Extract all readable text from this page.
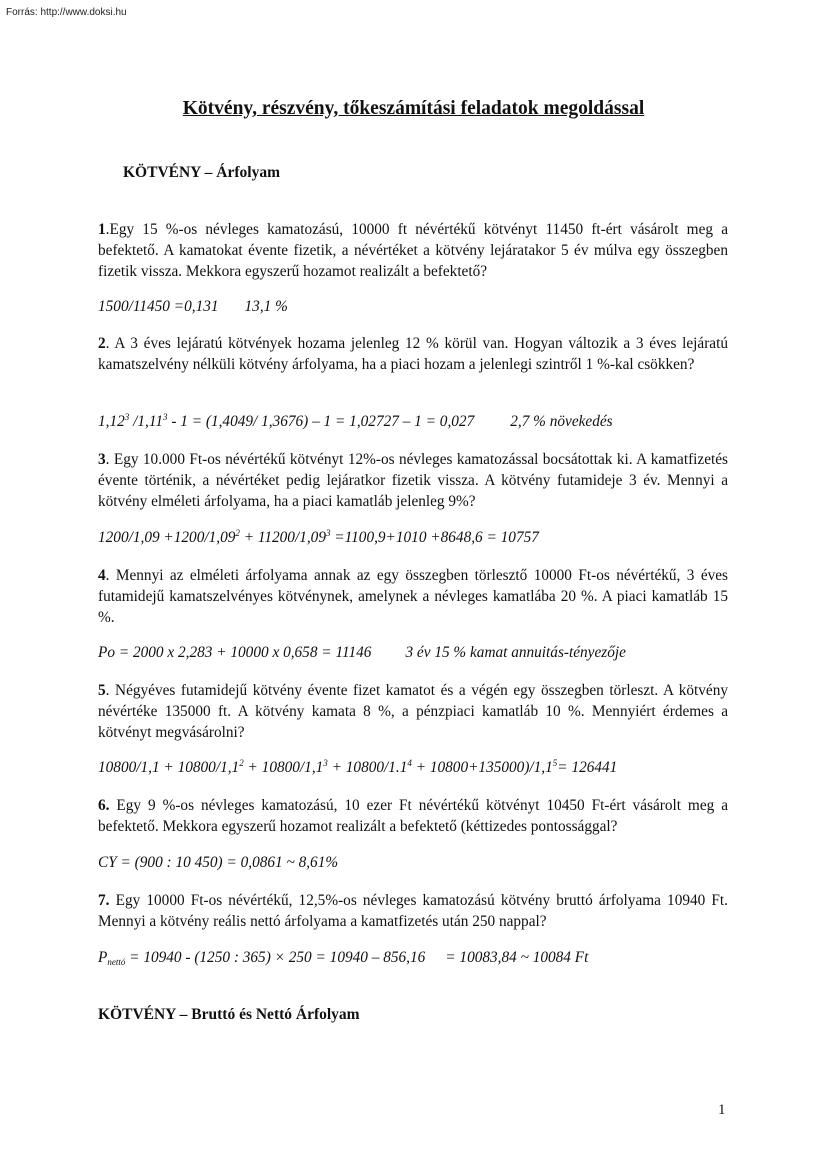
Forrás: http://www.doksi.hu
Kötvény, részvény, tőkeszámítási feladatok megoldással
KÖTVÉNY – Árfolyam
1.Egy 15 %-os névleges kamatozású, 10000 ft névértékű kötvényt 11450 ft-ért vásárolt meg a befektető. A kamatokat évente fizetik, a névértéket a kötvény lejáratakor 5 év múlva egy összegben fizetik vissza. Mekkora egyszerű hozamot realizált a befektető?
1500/11450 =0,131 13,1 %
2. A 3 éves lejáratú kötvények hozama jelenleg 12 % körül van. Hogyan változik a 3 éves lejáratú kamatszelvény nélküli kötvény árfolyama, ha a piaci hozam a jelenlegi szintről 1 %-kal csökken?
1,12$^3$ /1,11$^3$ - 1 = (1,4049/ 1,3676) – 1 = 1,02727 – 1 = 0,027 2,7 % növekedés
3. Egy 10.000 Ft-os névértékű kötvényt 12%-os névleges kamatozással bocsátottak ki. A kamatfizetés évente történik, a névértéket pedig lejáratkor fizetik vissza. A kötvény futamideje 3 év. Mennyi a kötvény elméleti árfolyama, ha a piaci kamatláb jelenleg 9%?
$1200/1,09 +1200/1,09^2 + 11200/1,09^3 =1100,9+1010 +8648,6 = 10757$
4. Mennyi az elméleti árfolyama annak az egy összegben törlesztő 10000 Ft-os névértékű, 3 éves futamidejű kamatszelvényes kötvénynek, amelynek a névleges kamatlába 20 %. A piaci kamatláb 15 %.
Po = 2000 x 2,283 + 10000 x 0,658 = 11146 3 év 15 % kamat annuitás-tényezője
5. Négyéves futamidejű kötvény évente fizet kamatot és a végén egy összegben törleszt. A kötvény névértéke 135000 ft. A kötvény kamata 8 %, a pénzpiaci kamatláb 10 %. Mennyiért érdemes a kötvényt megvásárolni?
$10800/1,1 + 10800/1,1^2 + 10800/1,1^3 + 10800/1.1^4 + 10800+135000)/1,1^5= 126441$
6. Egy 9 %-os névleges kamatozású, 10 ezer Ft névértékű kötvényt 10450 Ft-ért vásárolt meg a befektető. Mekkora egyszerű hozamot realizált a befektető (kéttizedes pontossággal?
CY = (900 : 10 450) = 0,0861 ~ 8,61%
7. Egy 10000 Ft-os névértékű, 12,5%-os névleges kamatozású kötvény bruttó árfolyama 10940 Ft. Mennyi a kötvény reális nettó árfolyama a kamatfizetés után 250 nappal?
$P_{nettó} = 10940 - (1250$ : 365) × 250 = 10940 – 856,16 = 10083,84 ~ 10084 Ft
KÖTVÉNY – Bruttó és Nettó Árfolyam
1
